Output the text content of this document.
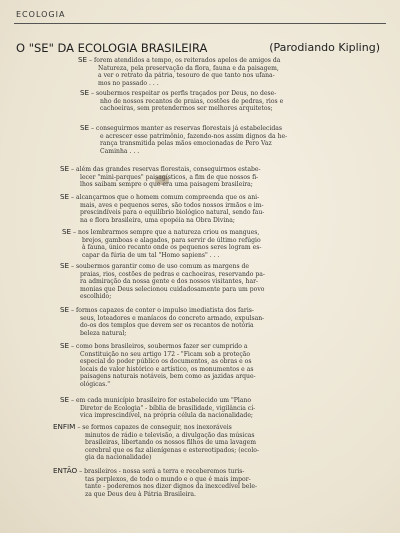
ECOLOGIA
O "SE" DA ECOLOGIA BRASILEIRA	(Parodiando Kipling)
SE – forem atendidos a tempo, os reiterados apelos de amigos da
Natureza, pela preservação da flora, fauna e da paisagem,
a ver o retrato da pátria, tesouro de que tanto nos ufana-
mos no passado . . .
SE – soubermos respeitar os perfis traçados por Deus, no dese-
nho de nossos recantos de praias, costões de pedras, rios e
cachoeiras, sem pretendermos ser melhores arquitetos;
SE – conseguirmos manter as reservas florestais já estabelecidas
e acrescer esse patrimônio, fazendo-nos assim dignos da he-
rança transmitida pelas mãos emocionadas de Pero Vaz
Caminha . . .
SE – além das grandes reservas florestais, conseguirmos estabe-
lecer "mini-parques" paisagísticos, a fim de que nossos fi-
lhos saibam sempre o que era uma paisagem brasileira;
SE – alcançarmos que o homem comum compreenda que os ani-
mais, aves e pequenos seres, são todos nossos irmãos e im-
prescindíveis para o equilíbrio biológico natural, sendo fau-
na e flora brasileira, uma epopéia na Obra Divina;
SE – nos lembrarmos sempre que a natureza criou os mangues,
brejos, gamboas e alagados, para servir de último refúgio
à fauna, único recanto onde os pequenos seres logram es-
capar da fúria de um tal "Homo sapiens" . . .
SE – soubermos garantir como de uso comum as margens de
praias, rios, costões de pedras e cachoeiras, reservando pa-
ra admiração da nossa gente e dos nossos visitantes, har-
monias que Deus selecionou cuidadosamente para um povo
escolhido;
SE – formos capazes de conter o impulso imediatista dos faris-
seus, loteadores e maníacos do concreto armado, expulsan-
do-os dos templos que devem ser os recantos de notória
beleza natural;
SE – como bons brasileiros, soubermos fazer ser cumprido a
Constituição no seu artigo 172 - "Ficam sob a proteção
especial do poder público os documentos, as obras e os
locais de valor histórico e artístico, os monumentos e as
paisagens naturais notáveis, bem como as jazidas arque-
ológicas."
SE – em cada município brasileiro for estabelecido um "Plano
Diretor de Ecologia" - bíblia de brasilidade, vigilância cí-
vica imprescindível, na própria célula da nacionalidade;
ENFIM – se formos capazes de conseguir, nos inexoráveis
minutos de rádio e televisão, a divulgação das músicas
brasileiras, libertando os nossos filhos de uma lavagem
cerebral que os faz alienígenas e estereotipados; (ecolo-
gia da nacionalidade)
ENTÃO – brasileiros - nossa será a terra e receberemos turis-
tas perplexos, de todo o mundo e o que é mais impor-
tante - poderemos nos dizer dignos da inexcedível bele-
za que Deus deu à Pátria Brasileira.
